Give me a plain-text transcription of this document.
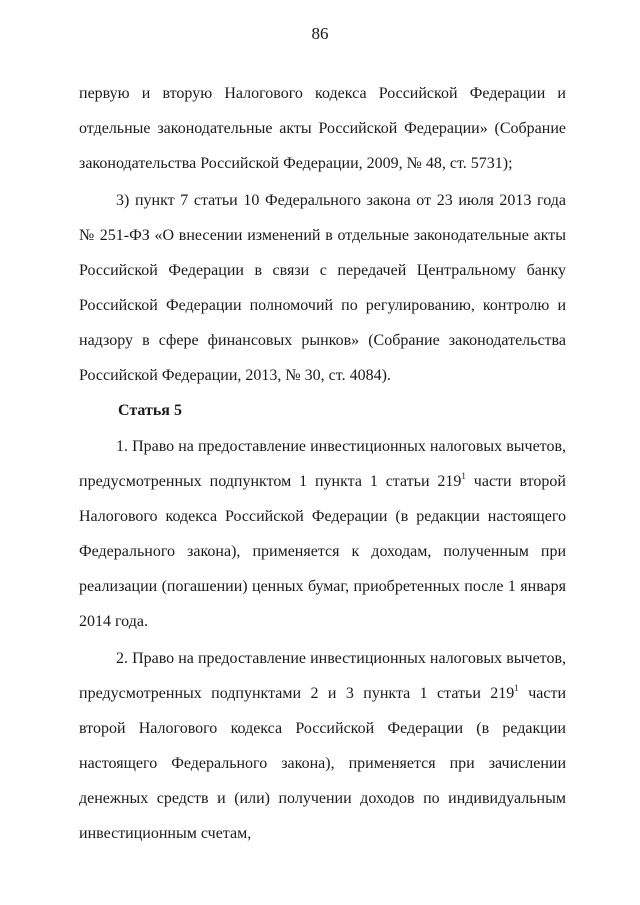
86

первую и вторую Налогового кодекса Российской Федерации и отдельные законодательные акты Российской Федерации» (Собрание законодательства Российской Федерации, 2009, № 48, ст. 5731);

3) пункт 7 статьи 10 Федерального закона от 23 июля 2013 года № 251-ФЗ «О внесении изменений в отдельные законодательные акты Российской Федерации в связи с передачей Центральному банку Российской Федерации полномочий по регулированию, контролю и надзору в сфере финансовых рынков» (Собрание законодательства Российской Федерации, 2013, № 30, ст. 4084).

Статья 5

1. Право на предоставление инвестиционных налоговых вычетов, предусмотренных подпунктом 1 пункта 1 статьи $219^1$ части второй Налогового кодекса Российской Федерации (в редакции настоящего Федерального закона), применяется к доходам, полученным при реализации (погашении) ценных бумаг, приобретенных после 1 января 2014 года.

2. Право на предоставление инвестиционных налоговых вычетов, предусмотренных подпунктами 2 и 3 пункта 1 статьи $219^1$ части второй Налогового кодекса Российской Федерации (в редакции настоящего Федерального закона), применяется при зачислении денежных средств и (или) получении доходов по индивидуальным инвестиционным счетам,
